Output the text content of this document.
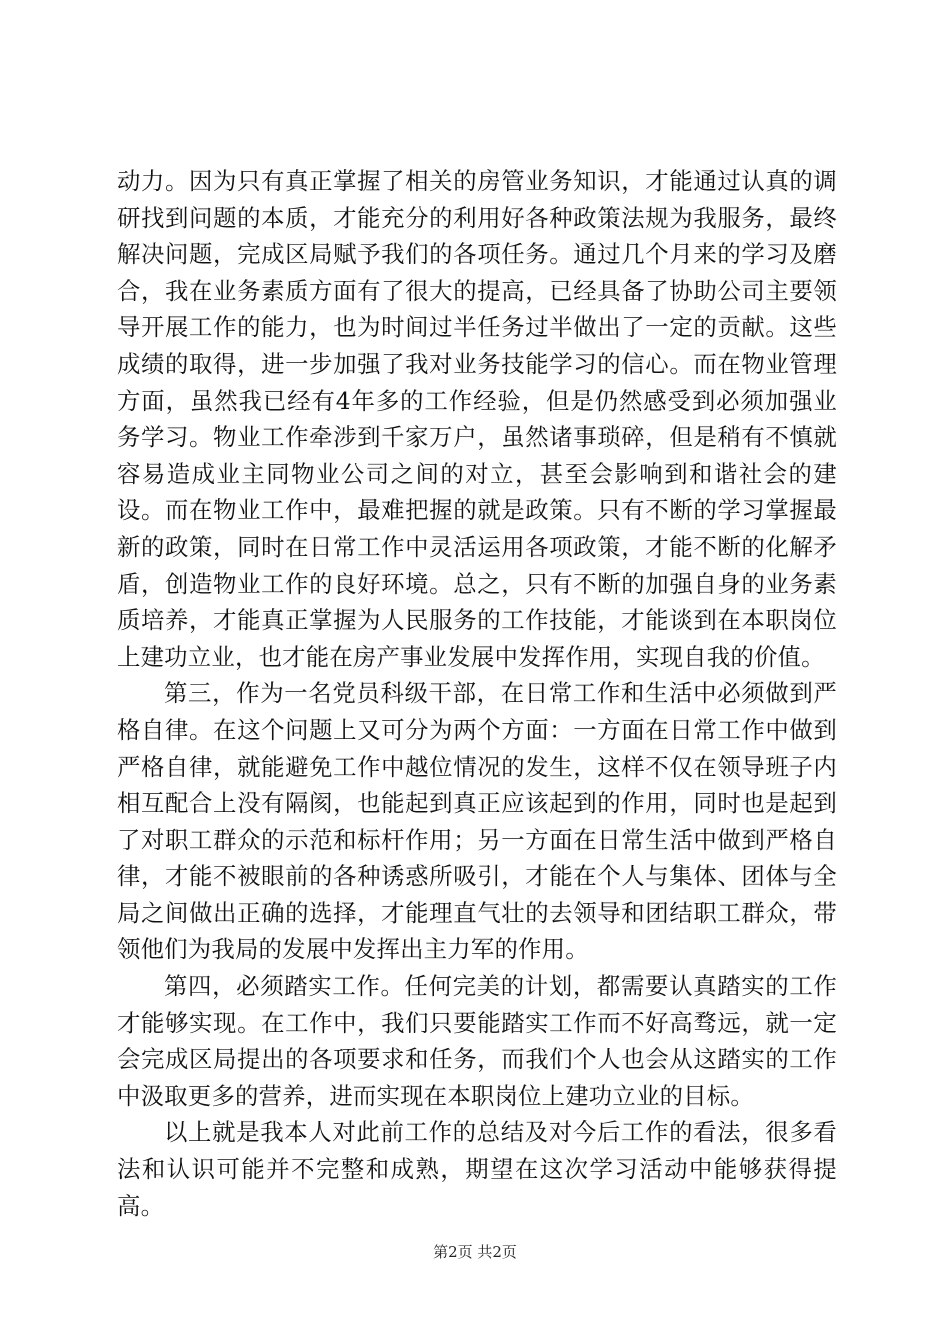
动力。因为只有真正掌握了相关的房管业务知识，才能通过认真的调研找到问题的本质，才能充分的利用好各种政策法规为我服务，最终解决问题，完成区局赋予我们的各项任务。通过几个月来的学习及磨合，我在业务素质方面有了很大的提高，已经具备了协助公司主要领导开展工作的能力，也为时间过半任务过半做出了一定的贡献。这些成绩的取得，进一步加强了我对业务技能学习的信心。而在物业管理方面，虽然我已经有4年多的工作经验，但是仍然感受到必须加强业务学习。物业工作牵涉到千家万户，虽然诸事琐碎，但是稍有不慎就容易造成业主同物业公司之间的对立，甚至会影响到和谐社会的建设。而在物业工作中，最难把握的就是政策。只有不断的学习掌握最新的政策，同时在日常工作中灵活运用各项政策，才能不断的化解矛盾，创造物业工作的良好环境。总之，只有不断的加强自身的业务素质培养，才能真正掌握为人民服务的工作技能，才能谈到在本职岗位上建功立业，也才能在房产事业发展中发挥作用，实现自我的价值。

第三，作为一名党员科级干部，在日常工作和生活中必须做到严格自律。在这个问题上又可分为两个方面：一方面在日常工作中做到严格自律，就能避免工作中越位情况的发生，这样不仅在领导班子内相互配合上没有隔阂，也能起到真正应该起到的作用，同时也是起到了对职工群众的示范和标杆作用；另一方面在日常生活中做到严格自律，才能不被眼前的各种诱惑所吸引，才能在个人与集体、团体与全局之间做出正确的选择，才能理直气壮的去领导和团结职工群众，带领他们为我局的发展中发挥出主力军的作用。

第四，必须踏实工作。任何完美的计划，都需要认真踏实的工作才能够实现。在工作中，我们只要能踏实工作而不好高骛远，就一定会完成区局提出的各项要求和任务，而我们个人也会从这踏实的工作中汲取更多的营养，进而实现在本职岗位上建功立业的目标。

以上就是我本人对此前工作的总结及对今后工作的看法，很多看法和认识可能并不完整和成熟，期望在这次学习活动中能够获得提高。

第2页 共2页
